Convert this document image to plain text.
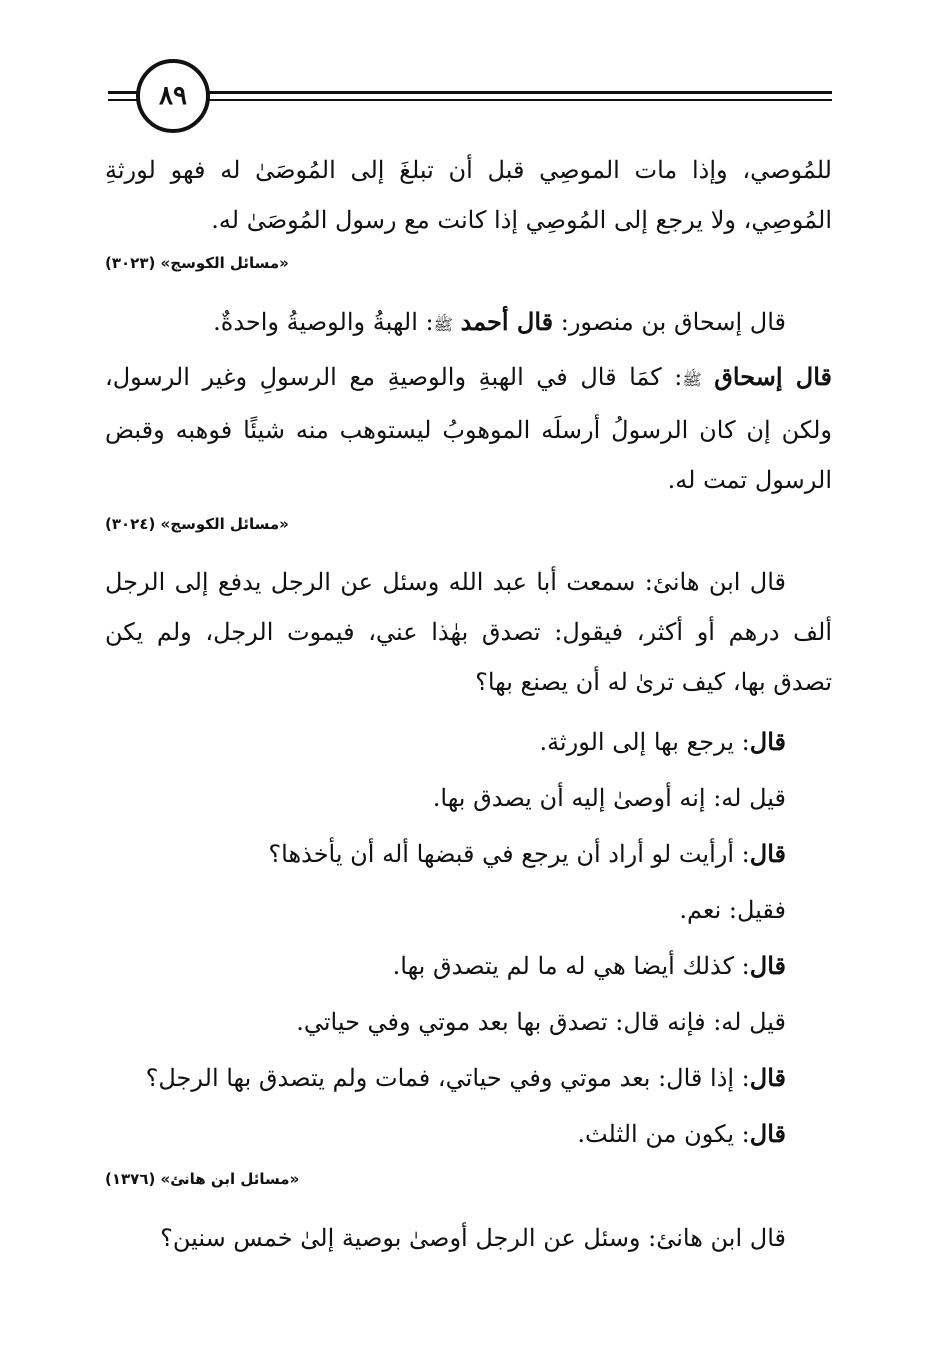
٨٩
للمُوصي، وإذا مات الموصِي قبل أن تبلغَ إلى المُوصَىٰ له فهو لورثةِ المُوصِي، ولا يرجع إلى المُوصِي إذا كانت مع رسول المُوصَىٰ له.
«مسائل الكوسج» (٣٠٢٣)
قال إسحاق بن منصور: قال أحمد ﷺ: الهبةُ والوصيةُ واحدةٌ.
قال إسحاق ﷺ: كمَا قال في الهبةِ والوصيةِ مع الرسولِ وغير الرسول، ولكن إن كان الرسولُ أرسلَه الموهوبُ ليستوهب منه شيئًا فوهبه وقبض الرسول تمت له.
«مسائل الكوسج» (٣٠٢٤)
قال ابن هانئ: سمعت أبا عبد الله وسئل عن الرجل يدفع إلى الرجل ألف درهم أو أكثر، فيقول: تصدق بهٰذا عني، فيموت الرجل، ولم يكن تصدق بها، كيف ترىٰ له أن يصنع بها؟
قال: يرجع بها إلى الورثة.
قيل له: إنه أوصىٰ إليه أن يصدق بها.
قال: أرأيت لو أراد أن يرجع في قبضها أله أن يأخذها؟
فقيل: نعم.
قال: كذلك أيضا هي له ما لم يتصدق بها.
قيل له: فإنه قال: تصدق بها بعد موتي وفي حياتي.
قال: إذا قال: بعد موتي وفي حياتي، فمات ولم يتصدق بها الرجل؟
قال: يكون من الثلث.
«مسائل ابن هانئ» (١٣٧٦)
قال ابن هانئ: وسئل عن الرجل أوصىٰ بوصية إلىٰ خمس سنين؟
